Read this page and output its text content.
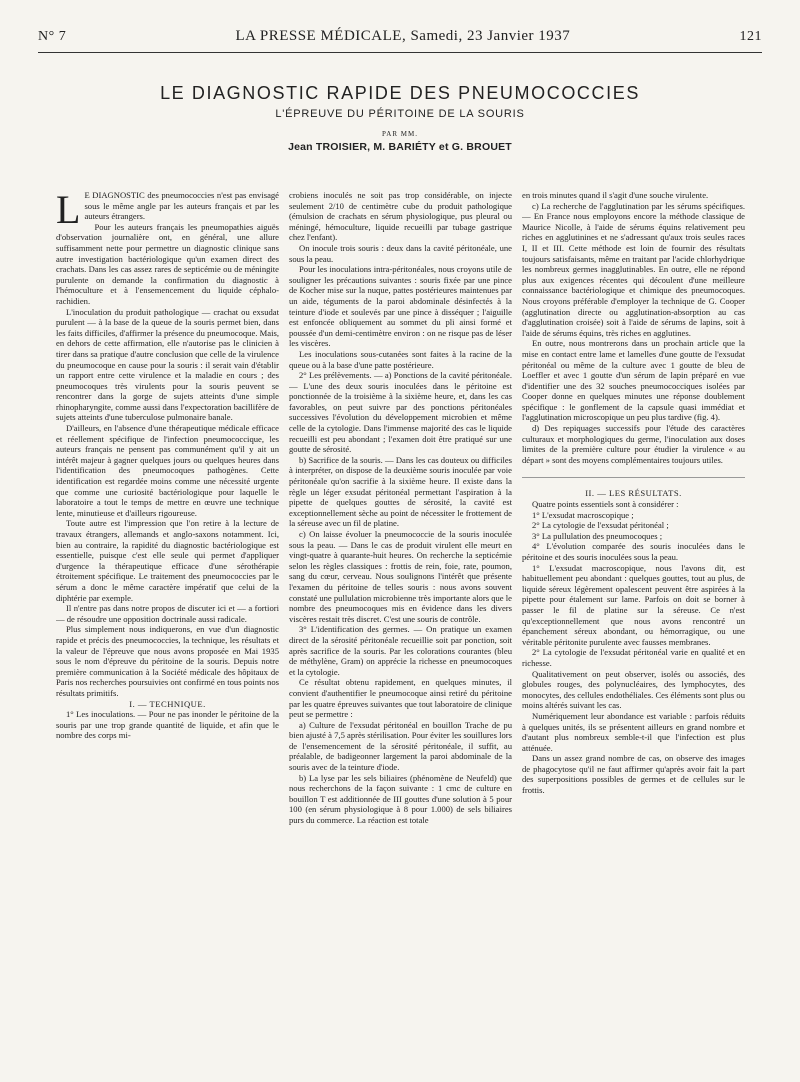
N° 7	LA PRESSE MÉDICALE, Samedi, 23 Janvier 1937	121
LE DIAGNOSTIC RAPIDE DES PNEUMOCOCCIES
L'ÉPREUVE DU PÉRITOINE DE LA SOURIS
PAR MM.
Jean TROISIER, M. BARIÉTY et G. BROUET

L E DIAGNOSTIC des pneumococcies n'est pas envisagé sous le même angle par les auteurs français et par les auteurs étrangers.

Pour les auteurs français les pneumopathies aiguës d'observation journalière ont, en général, une allure suffisamment nette pour permettre un diagnostic clinique sans autre investigation bactériologique qu'un examen direct des crachats. Dans les cas assez rares de septicémie ou de méningite purulente on demande la confirmation du diagnostic à l'hémoculture et à l'ensemencement du liquide céphalo-rachidien.

L'inoculation du produit pathologique — crachat ou exsudat purulent — à la base de la queue de la souris permet bien, dans les faits difficiles, d'affirmer la présence du pneumocoque. Mais, en dehors de cette affirmation, elle n'autorise pas le clinicien à tirer dans sa pratique d'autre conclusion que celle de la virulence du pneumocoque en cause pour la souris : il serait vain d'établir un rapport entre cette virulence et la maladie en cours ; des pneumocoques très virulents pour la souris peuvent se rencontrer dans la gorge de sujets atteints d'une simple rhinopharyngite, comme aussi dans l'expectoration bacillifère de sujets atteints d'une tuberculose pulmonaire banale.

D'ailleurs, en l'absence d'une thérapeutique médicale efficace et réellement spécifique de l'infection pneumococcique, les auteurs français ne pensent pas communément qu'il y ait un intérêt majeur à gagner quelques jours ou quelques heures dans l'identification des pneumocoques pathogènes. Cette identification est regardée moins comme une nécessité urgente que comme une curiosité bactériologique pour laquelle le laboratoire a tout le temps de mettre en œuvre une technique lente, minutieuse et d'ailleurs rigoureuse.

Toute autre est l'impression que l'on retire à la lecture de travaux étrangers, allemands et anglo-saxons notamment. Ici, bien au contraire, la rapidité du diagnostic bactériologique est essentielle, puisque c'est elle seule qui permet d'appliquer d'urgence la thérapeutique efficace d'une sérothérapie étroitement spécifique. Le traitement des pneumococcies par le sérum a donc le même caractère impératif que celui de la diphtérie par exemple.

Il n'entre pas dans notre propos de discuter ici et — a fortiori — de résoudre une opposition doctrinale aussi radicale.

Plus simplement nous indiquerons, en vue d'un diagnostic rapide et précis des pneumococcies, la technique, les résultats et la valeur de l'épreuve que nous avons proposée en Mai 1935 sous le nom d'épreuve du péritoine de la souris. Depuis notre première communication à la Société médicale des hôpitaux de Paris nos recherches poursuivies ont confirmé en tous points nos résultats primitifs.

I. — TECHNIQUE.

1° Les inoculations. — Pour ne pas inonder le péritoine de la souris par une trop grande quantité de liquide, et afin que le nombre des corps mi-

crobiens inoculés ne soit pas trop considérable, on injecte seulement 2/10 de centimètre cube du produit pathologique (émulsion de crachats en sérum physiologique, pus pleural ou méningé, hémoculture, liquide recueilli par tubage gastrique chez l'enfant).

On inocule trois souris : deux dans la cavité péritonéale, une sous la peau.

Pour les inoculations intra-péritonéales, nous croyons utile de souligner les précautions suivantes : souris fixée par une pince de Kocher mise sur la nuque, pattes postérieures maintenues par un aide, téguments de la paroi abdominale désinfectés à la teinture d'iode et soulevés par une pince à disséquer ; l'aiguille est enfoncée obliquement au sommet du pli ainsi formé et poussée d'un demi-centimètre environ : on ne risque pas de léser les viscères.

Les inoculations sous-cutanées sont faites à la racine de la queue ou à la base d'une patte postérieure.

2° Les prélèvements. — a) Ponctions de la cavité péritonéale. — L'une des deux souris inoculées dans le péritoine est ponctionnée de la troisième à la sixième heure, et, dans les cas favorables, on peut suivre par des ponctions péritonéales successives l'évolution du développement microbien et même celle de la cytologie. Dans l'immense majorité des cas le liquide recueilli est peu abondant ; l'examen doit être pratiqué sur une goutte de sérosité.

b) Sacrifice de la souris. — Dans les cas douteux ou difficiles à interpréter, on dispose de la deuxième souris inoculée par voie péritonéale qu'on sacrifie à la sixième heure. Il existe dans la règle un léger exsudat péritonéal permettant l'aspiration à la pipette de quelques gouttes de sérosité, la cavité est exceptionnellement sèche au point de nécessiter le frottement de la séreuse avec un fil de platine.

c) On laisse évoluer la pneumococcie de la souris inoculée sous la peau. — Dans le cas de produit virulent elle meurt en vingt-quatre à quarante-huit heures. On recherche la septicémie selon les règles classiques : frottis de rein, foie, rate, poumon, sang du cœur, cerveau. Nous soulignons l'intérêt que présente l'examen du péritoine de telles souris : nous avons souvent constaté une pullulation microbienne très importante alors que le nombre des pneumocoques mis en évidence dans les divers viscères restait très discret. C'est une souris de contrôle.

3° L'identification des germes. — On pratique un examen direct de la sérosité péritonéale recueillie soit par ponction, soit après sacrifice de la souris. Par les colorations courantes (bleu de méthylène, Gram) on apprécie la richesse en pneumocoques et la cytologie.

Ce résultat obtenu rapidement, en quelques minutes, il convient d'authentifier le pneumocoque ainsi retiré du péritoine par les quatre épreuves suivantes que tout laboratoire de clinique peut se permettre :

a) Culture de l'exsudat péritonéal en bouillon Trache de pu bien ajusté à 7,5 après stérilisation. Pour éviter les souillures lors de l'ensemencement de la sérosité péritonéale, il suffit, au préalable, de badigeonner largement la paroi abdominale de la souris avec de la teinture d'iode.

b) La lyse par les sels biliaires (phénomène de Neufeld) que nous recherchons de la façon suivante : 1 cmc de culture en bouillon T est additionnée de III gouttes d'une solution à 5 pour 100 (en sérum physiologique à 8 pour 1.000) de sels biliaires purs du commerce. La réaction est totale

en trois minutes quand il s'agit d'une souche virulente.

c) La recherche de l'agglutination par les sérums spécifiques. — En France nous employons encore la méthode classique de Maurice Nicolle, à l'aide de sérums équins relativement peu riches en agglutinines et ne s'adressant qu'aux trois seules races I, II et III. Cette méthode est loin de fournir des résultats toujours satisfaisants, même en traitant par l'acide chlorhydrique les nombreux germes inagglutinables. En outre, elle ne répond plus aux exigences récentes qui découlent d'une meilleure connaissance bactériologique et chimique des pneumocoques. Nous croyons préférable d'employer la technique de G. Cooper (agglutination directe ou agglutination-absorption au cas d'agglutination croisée) soit à l'aide de sérums de lapins, soit à l'aide de sérums équins, très riches en agglutines.

En outre, nous montrerons dans un prochain article que la mise en contact entre lame et lamelles d'une goutte de l'exsudat péritonéal ou même de la culture avec 1 goutte de bleu de Loeffler et avec 1 goutte d'un sérum de lapin préparé en vue d'identifier une des 32 souches pneumococciques isolées par Cooper donne en quelques minutes une réponse doublement spécifique : le gonflement de la capsule quasi immédiat et l'agglutination microscopique un peu plus tardive (fig. 4).

d) Des repiquages successifs pour l'étude des caractères culturaux et morphologiques du germe, l'inoculation aux doses limites de la première culture pour étudier la virulence « au départ » sont des moyens complémentaires toujours utiles.

II. — LES RÉSULTATS.

Quatre points essentiels sont à considérer :

1° L'exsudat macroscopique ;

2° La cytologie de l'exsudat péritonéal ;

3° La pullulation des pneumocoques ;

4° L'évolution comparée des souris inoculées dans le péritoine et des souris inoculées sous la peau.

1° L'exsudat macroscopique, nous l'avons dit, est habituellement peu abondant : quelques gouttes, tout au plus, de liquide séreux légèrement opalescent peuvent être aspirées à la pipette pour étalement sur lame. Parfois on doit se borner à passer le fil de platine sur la séreuse. Ce n'est qu'exceptionnellement que nous avons rencontré un épanchement séreux abondant, ou hémorragique, ou une véritable péritonite purulente avec fausses membranes.

2° La cytologie de l'exsudat péritonéal varie en qualité et en richesse.

Qualitativement on peut observer, isolés ou associés, des globules rouges, des polynucléaires, des lymphocytes, des monocytes, des cellules endothéliales. Ces éléments sont plus ou moins altérés suivant les cas.

Numériquement leur abondance est variable : parfois réduits à quelques unités, ils se présentent ailleurs en grand nombre et d'autant plus nombreux semble-t-il que l'infection est plus atténuée.

Dans un assez grand nombre de cas, on observe des images de phagocytose qu'il ne faut affirmer qu'après avoir fait la part des superpositions possibles de germes et de cellules sur le frottis.
